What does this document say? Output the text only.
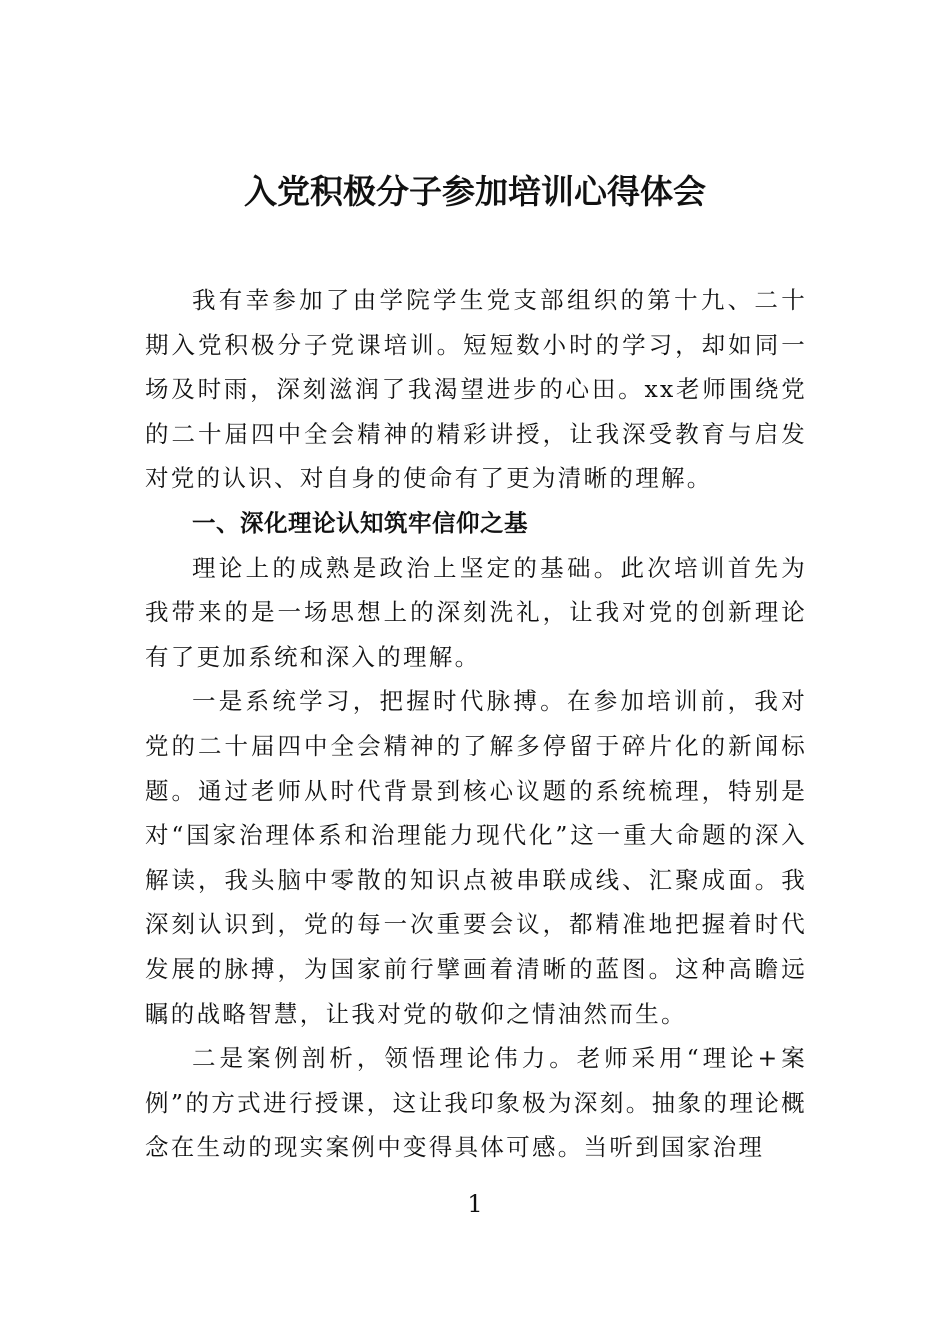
入党积极分子参加培训心得体会

我有幸参加了由学院学生党支部组织的第十九、二十期入党积极分子党课培训。短短数小时的学习，却如同一场及时雨，深刻滋润了我渴望进步的心田。xx老师围绕党的二十届四中全会精神的精彩讲授，让我深受教育与启发对党的认识、对自身的使命有了更为清晰的理解。

一、深化理论认知筑牢信仰之基

理论上的成熟是政治上坚定的基础。此次培训首先为我带来的是一场思想上的深刻洗礼，让我对党的创新理论有了更加系统和深入的理解。

一是系统学习，把握时代脉搏。在参加培训前，我对党的二十届四中全会精神的了解多停留于碎片化的新闻标题。通过老师从时代背景到核心议题的系统梳理，特别是对“国家治理体系和治理能力现代化”这一重大命题的深入解读，我头脑中零散的知识点被串联成线、汇聚成面。我深刻认识到，党的每一次重要会议，都精准地把握着时代发展的脉搏，为国家前行擘画着清晰的蓝图。这种高瞻远瞩的战略智慧，让我对党的敬仰之情油然而生。

二是案例剖析，领悟理论伟力。老师采用“理论+案例”的方式进行授课，这让我印象极为深刻。抽象的理论概念在生动的现实案例中变得具体可感。当听到国家治理

1
